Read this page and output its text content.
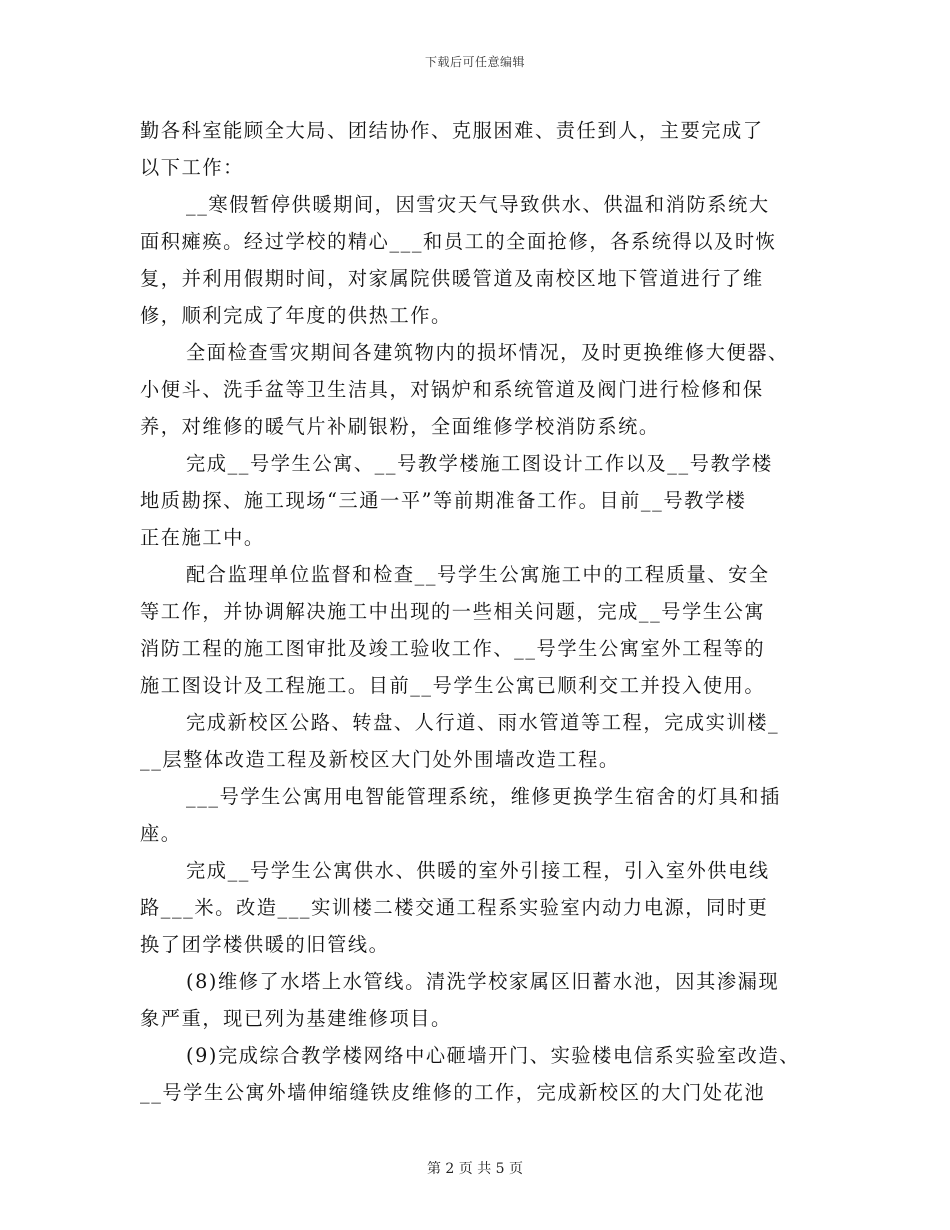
下载后可任意编辑
勤各科室能顾全大局、团结协作、克服困难、责任到人，主要完成了
以下工作：
__寒假暂停供暖期间，因雪灾天气导致供水、供温和消防系统大
面积瘫痪。经过学校的精心___和员工的全面抢修，各系统得以及时恢
复，并利用假期时间，对家属院供暖管道及南校区地下管道进行了维
修，顺利完成了年度的供热工作。
全面检查雪灾期间各建筑物内的损坏情况，及时更换维修大便器、
小便斗、洗手盆等卫生洁具，对锅炉和系统管道及阀门进行检修和保
养，对维修的暖气片补刷银粉，全面维修学校消防系统。
完成__号学生公寓、__号教学楼施工图设计工作以及__号教学楼
地质勘探、施工现场“三通一平”等前期准备工作。目前__号教学楼
正在施工中。
配合监理单位监督和检查__号学生公寓施工中的工程质量、安全
等工作，并协调解决施工中出现的一些相关问题，完成__号学生公寓
消防工程的施工图审批及竣工验收工作、__号学生公寓室外工程等的
施工图设计及工程施工。目前__号学生公寓已顺利交工并投入使用。
完成新校区公路、转盘、人行道、雨水管道等工程，完成实训楼_
__层整体改造工程及新校区大门处外围墙改造工程。
___号学生公寓用电智能管理系统，维修更换学生宿舍的灯具和插
座。
完成__号学生公寓供水、供暖的室外引接工程，引入室外供电线
路___米。改造___实训楼二楼交通工程系实验室内动力电源，同时更
换了团学楼供暖的旧管线。
(8)维修了水塔上水管线。清洗学校家属区旧蓄水池，因其渗漏现
象严重，现已列为基建维修项目。
(9)完成综合教学楼网络中心砸墙开门、实验楼电信系实验室改造、
__号学生公寓外墙伸缩缝铁皮维修的工作，完成新校区的大门处花池
第 2 页 共 5 页
